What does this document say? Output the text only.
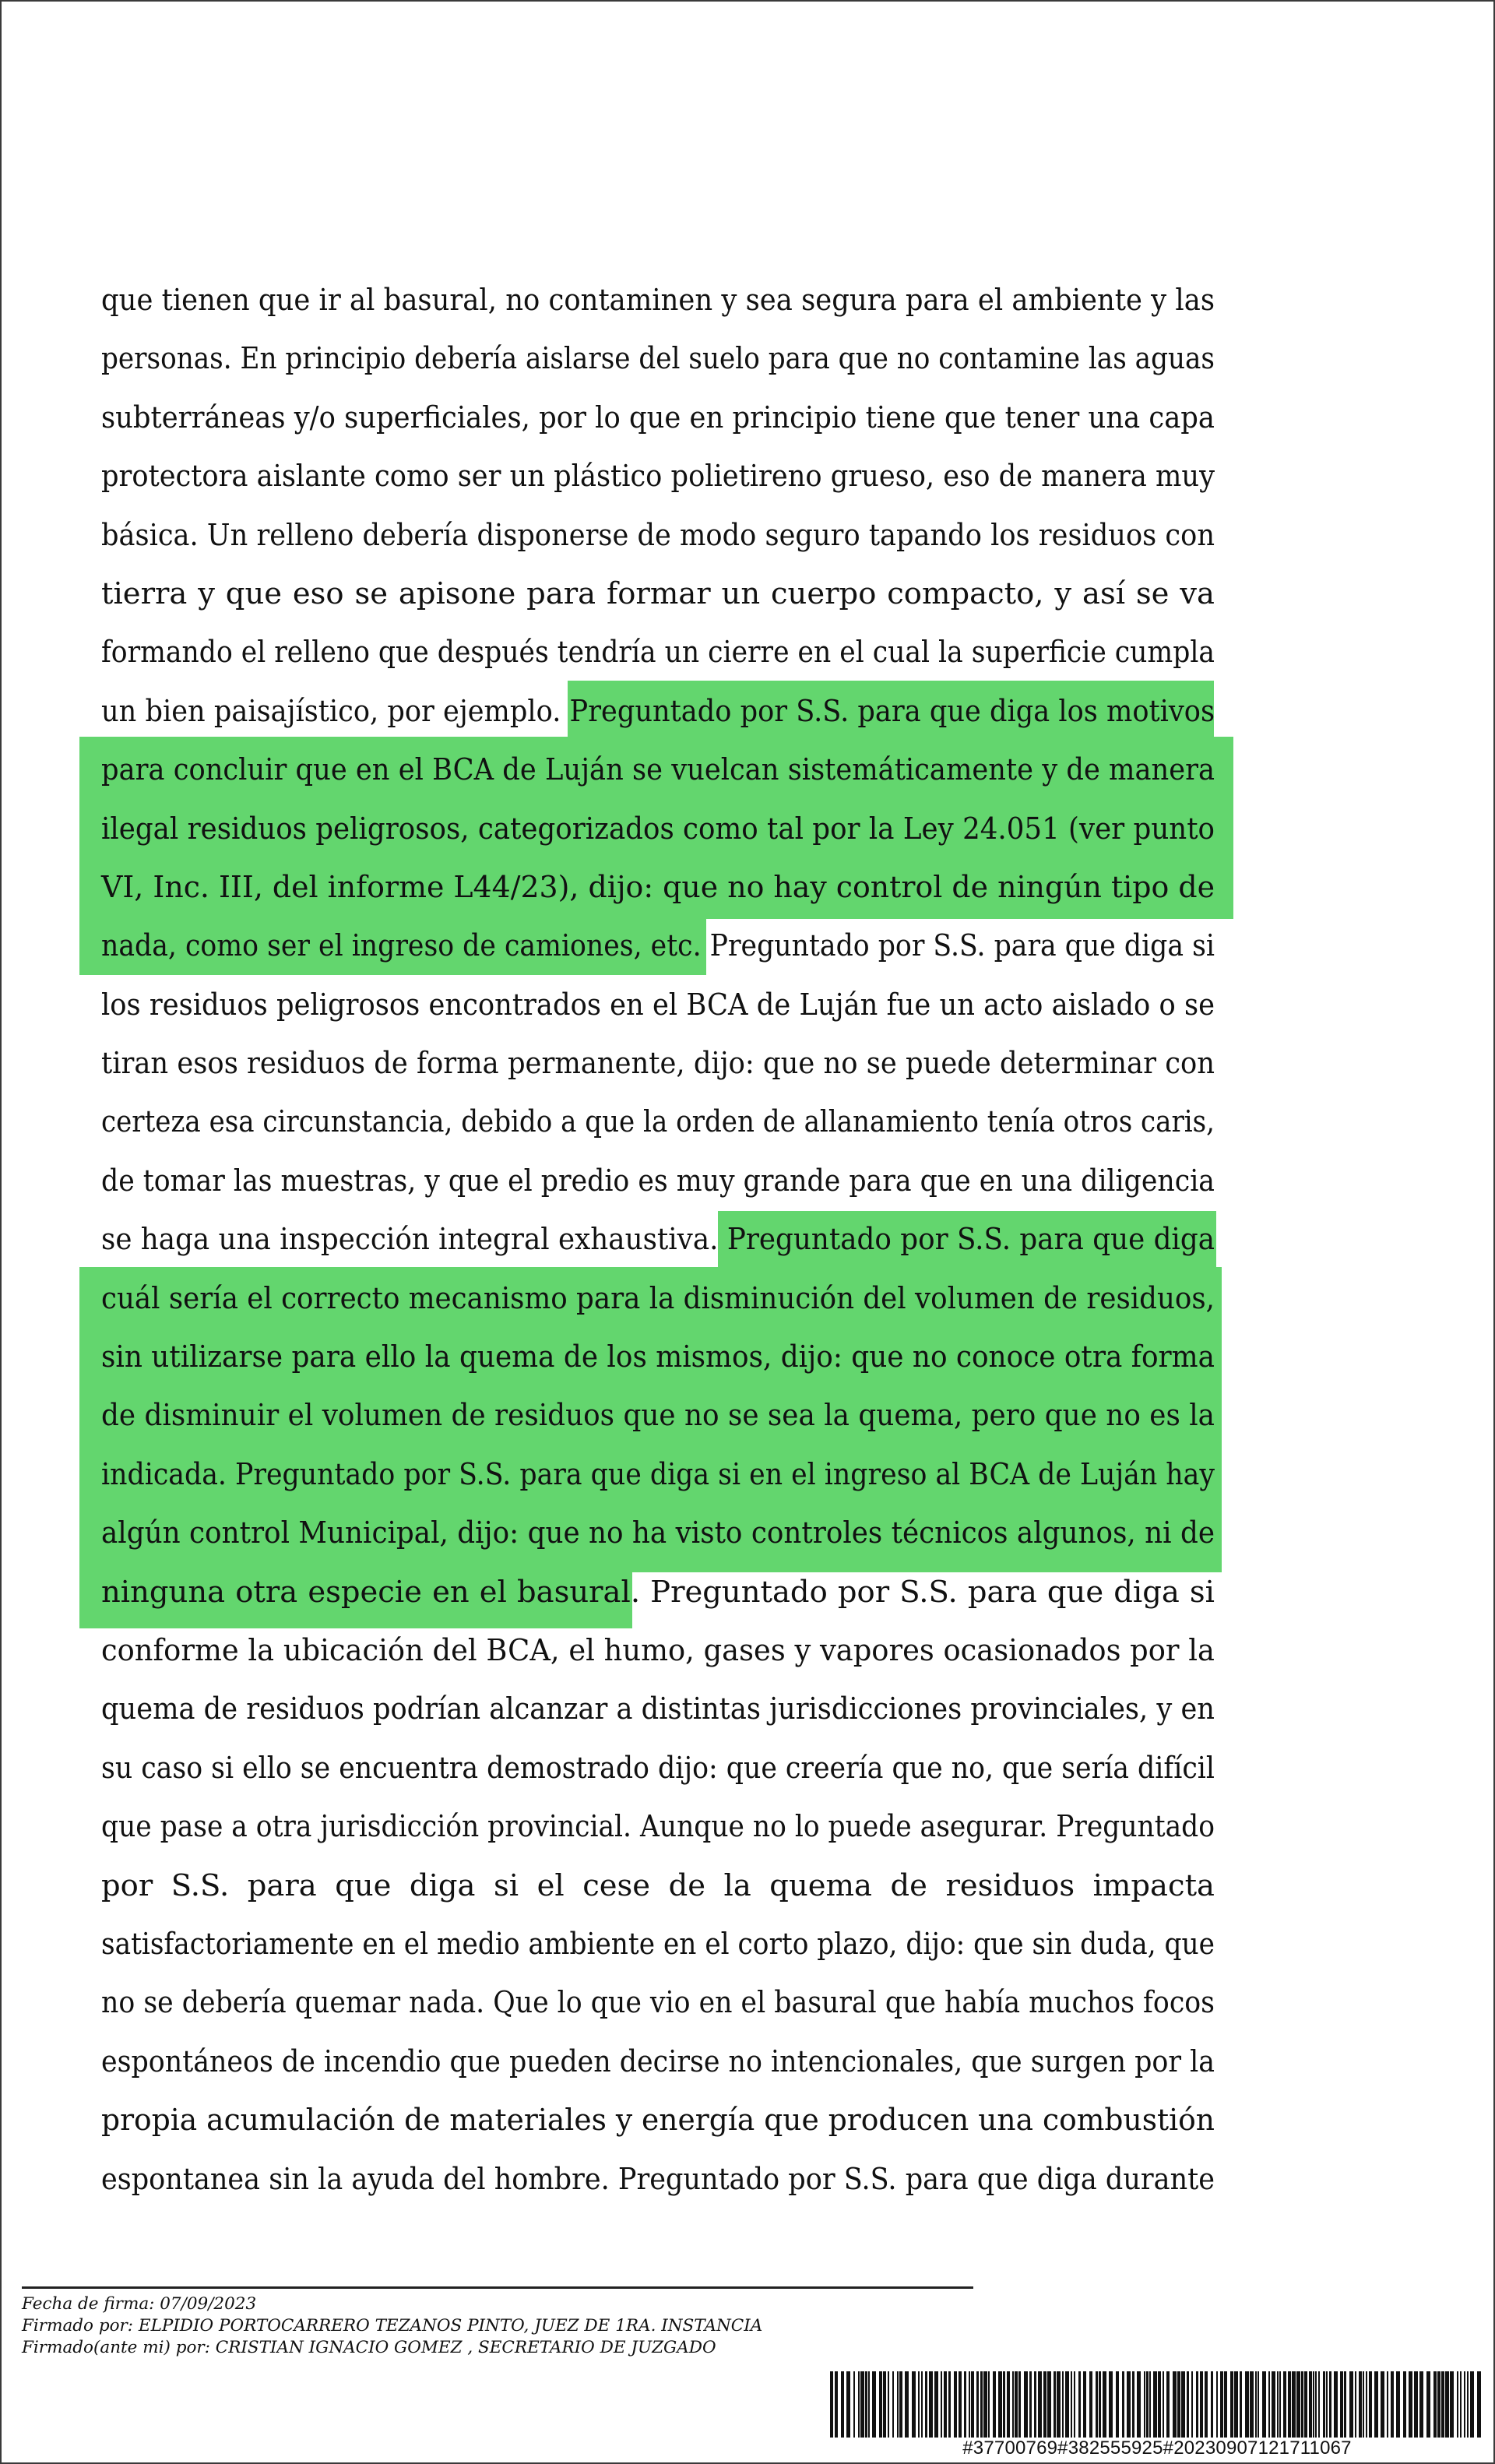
que tienen que ir al basural, no contaminen y sea segura para el ambiente y las
personas. En principio debería aislarse del suelo para que no contamine las aguas
subterráneas y/o superficiales, por lo que en principio tiene que tener una capa
protectora aislante como ser un plástico polietireno grueso, eso de manera muy
básica. Un relleno debería disponerse de modo seguro tapando los residuos con
tierra y que eso se apisone para formar un cuerpo compacto, y así se va
formando el relleno que después tendría un cierre en el cual la superficie cumpla
un bien paisajístico, por ejemplo. Preguntado por S.S. para que diga los motivos
para concluir que en el BCA de Luján se vuelcan sistemáticamente y de manera
ilegal residuos peligrosos, categorizados como tal por la Ley 24.051 (ver punto
VI, Inc. III, del informe L44/23), dijo: que no hay control de ningún tipo de
nada, como ser el ingreso de camiones, etc. Preguntado por S.S. para que diga si
los residuos peligrosos encontrados en el BCA de Luján fue un acto aislado o se
tiran esos residuos de forma permanente, dijo: que no se puede determinar con
certeza esa circunstancia, debido a que la orden de allanamiento tenía otros caris,
de tomar las muestras, y que el predio es muy grande para que en una diligencia
se haga una inspección integral exhaustiva. Preguntado por S.S. para que diga
cuál sería el correcto mecanismo para la disminución del volumen de residuos,
sin utilizarse para ello la quema de los mismos, dijo: que no conoce otra forma
de disminuir el volumen de residuos que no se sea la quema, pero que no es la
indicada. Preguntado por S.S. para que diga si en el ingreso al BCA de Luján hay
algún control Municipal, dijo: que no ha visto controles técnicos algunos, ni de
ninguna otra especie en el basural. Preguntado por S.S. para que diga si
conforme la ubicación del BCA, el humo, gases y vapores ocasionados por la
quema de residuos podrían alcanzar a distintas jurisdicciones provinciales, y en
su caso si ello se encuentra demostrado dijo: que creería que no, que sería difícil
que pase a otra jurisdicción provincial. Aunque no lo puede asegurar. Preguntado
por S.S. para que diga si el cese de la quema de residuos impacta
satisfactoriamente en el medio ambiente en el corto plazo, dijo: que sin duda, que
no se debería quemar nada. Que lo que vio en el basural que había muchos focos
espontáneos de incendio que pueden decirse no intencionales, que surgen por la
propia acumulación de materiales y energía que producen una combustión
espontanea sin la ayuda del hombre. Preguntado por S.S. para que diga durante
Fecha de firma: 07/09/2023
Firmado por: ELPIDIO PORTOCARRERO TEZANOS PINTO, JUEZ DE 1RA. INSTANCIA
Firmado(ante mi) por: CRISTIAN IGNACIO GOMEZ , SECRETARIO DE JUZGADO
#37700769#382555925#20230907121711067
